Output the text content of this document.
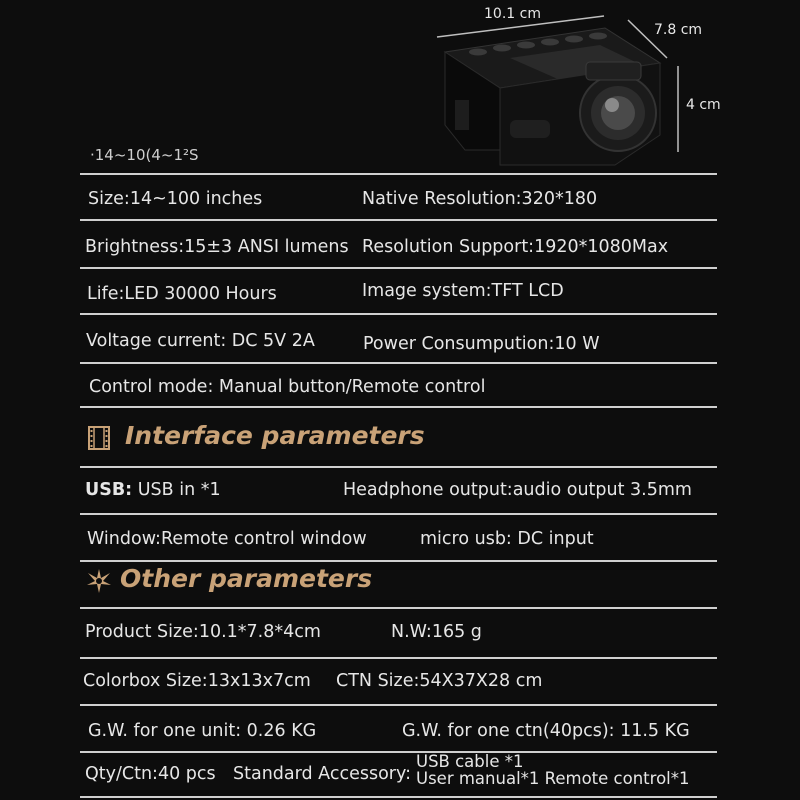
10.1 cm
7.8 cm
4 cm
·14~10(4~1²S
Size:14~100 inches	Native Resolution:320*180
Brightness:15±3 ANSI lumens Resolution Support:1920*1080Max
Life:LED 30000 Hours	Image system:TFT LCD
Voltage current: DC 5V 2A	Power Consumpution:10 W
Control mode: Manual button/Remote control
Interface parameters
USB: USB in *1	Headphone output:audio output 3.5mm
Window:Remote control window	micro usb: DC input
Other parameters
Product Size:10.1*7.8*4cm	N.W:165 g
Colorbox Size:13x13x7cm CTN Size:54X37X28 cm
G.W. for one unit: 0.26 KG	G.W. for one ctn(40pcs): 11.5 KG
Qty/Ctn:40 pcs Standard Accessory:
USB cable *1
User manual*1 Remote control*1
